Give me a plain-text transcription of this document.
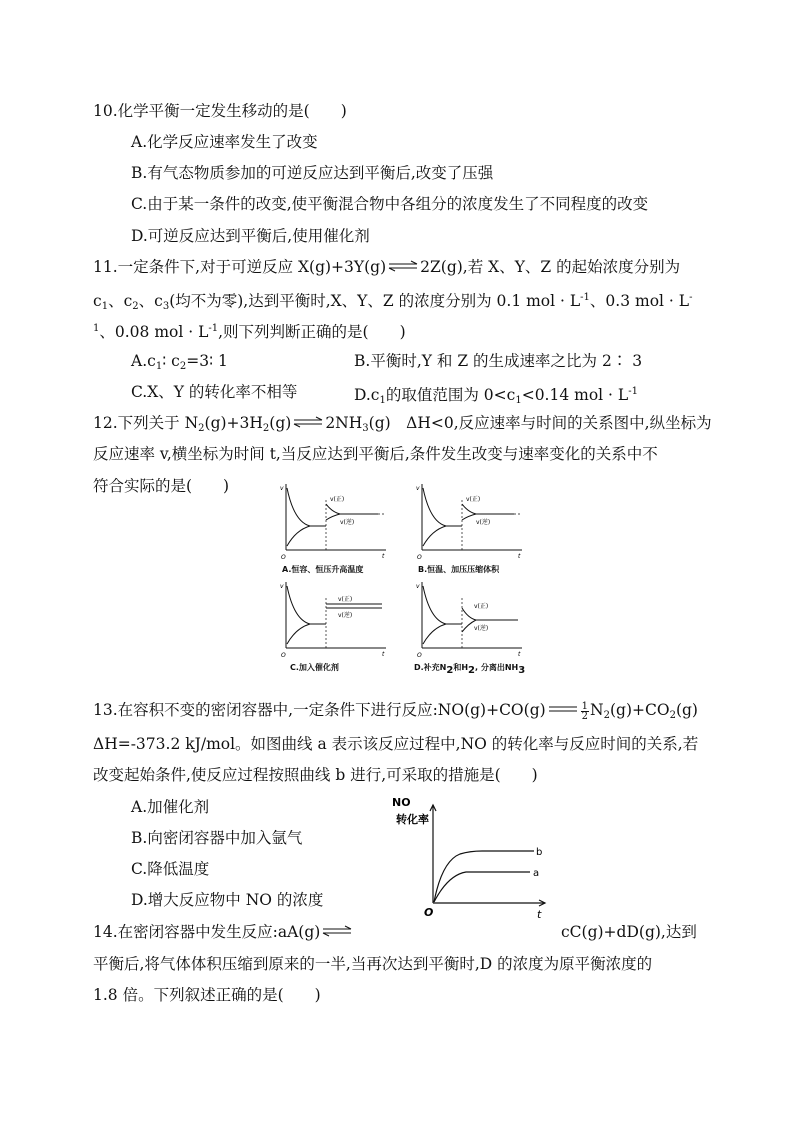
10.化学平衡一定发生移动的是(　　)
A.化学反应速率发生了改变
B.有气态物质参加的可逆反应达到平衡后,改变了压强
C.由于某一条件的改变,使平衡混合物中各组分的浓度发生了不同程度的改变
D.可逆反应达到平衡后,使用催化剂
11.一定条件下,对于可逆反应 X(g)+3Y(g) ⇌ 2Z(g),若 X、Y、Z 的起始浓度分别为
$c_1$、$c_2$、$c_3$(均不为零),达到平衡时,X、Y、Z 的浓度分别为 0.1 mol · $L^{-1}$、0.3 mol · L-
$^1$、0.08 mol · $L^{-1}$,则下列判断正确的是(　　)
$A.c_1∶$ $c_2=3∶$ 1	B.平衡时,Y 和 Z 的生成速率之比为 2∶ 3
C.X、Y 的转化率不相等	$D.c_1$的取值范围为 $0<c_1<0.14$ mol · $L^{-1}$
12.下列关于 $N_2(g)+3H_2(g)$ ⇌ $2NH_3(g)$　ΔH<0,反应速率与时间的关系图中,纵坐标为
反应速率 v,横坐标为时间 t,当反应达到平衡后,条件发生改变与速率变化的关系中不
符合实际的是(　　)	v
t
O
v(正)
v(逆)
A.恒容、恒压升高温度
v
t
O
v(正)
v(逆)
B.恒温、加压压缩体积
v
t
O
v(正)
v(逆)
C.加入催化剂
v
t
O
v(正)
v(逆)
D.补充$N_2$和$H_2$, 分离出$NH_3$
13.在容积不变的密闭容器中,一定条件下进行反应:NO(g)+CO(g)	$\frac{1}{2} N_2(g)+CO_2(g)$
ΔH=-373.2 kJ/mol。如图曲线 a 表示该反应过程中,NO 的转化率与反应时间的关系,若
改变起始条件,使反应过程按照曲线 b 进行,可采取的措施是(　　)
A.加催化剂
B.向密闭容器中加入氩气
C.降低温度
D.增大反应物中 NO 的浓度
NO
转化率
t
O
b
a
14.在密闭容器中发生反应:aA(g) ⇌	cC(g)+dD(g),达到
平衡后,将气体体积压缩到原来的一半,当再次达到平衡时,D 的浓度为原平衡浓度的
1.8 倍。下列叙述正确的是(　　)
